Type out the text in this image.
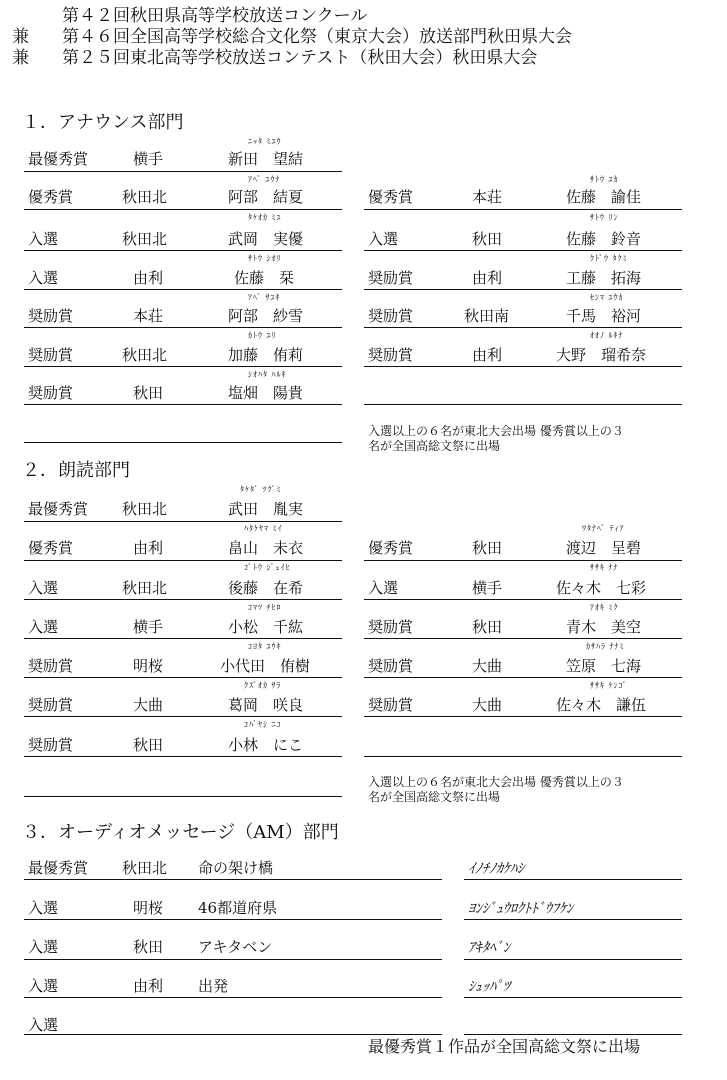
第４２回秋田県高等学校放送コンクール
兼 第４６回全国高等学校総合文化祭（東京大会）放送部門秋田県大会
兼 第２５回東北高等学校放送コンテスト（秋田大会）秋田県大会
１．アナウンス部門
２．朗読部門
３．オーディオメッセージ（AM）部門
ﾆｯﾀ ﾐﾕｳ
最優秀賞	横手	新田　望結
ｱﾍﾞ ﾕｳﾅ
優秀賞	秋田北	阿部　結夏
ﾀｹｵｶ ﾐﾕ
入選	秋田北	武岡　実優
ｻﾄｳ ｼｵﾘ
入選	由利	佐藤　栞
ｱﾍﾞ ｻﾕｷ
奨励賞	本荘	阿部　紗雪
ｶﾄｳ ﾕﾘ
奨励賞	秋田北	加藤　侑莉
ｼｵﾊﾀ ﾊﾙｷ
奨励賞	秋田	塩畑　陽貴
ｻﾄｳ ﾕｶ
優秀賞	本荘	佐藤　諭佳
ｻﾄｳ ﾘﾝ
入選	秋田	佐藤　鈴音
ｸﾄﾞｳ ﾀｸﾐ
奨励賞	由利	工藤　拓海
ｾﾝﾏ ﾕｳｶ
奨励賞	秋田南	千馬　裕河
ｵｵﾉ ﾙｷﾅ
奨励賞	由利	大野　瑠希奈
入選以上の６名が東北大会出場 優秀賞以上の３
名が全国高総文祭に出場
ﾀｹﾀﾞ ﾂｸﾞﾐ
最優秀賞 秋田北	武田　胤実
ﾊﾀｹﾔﾏ ﾐｲ
優秀賞	由利	畠山　未衣
ｺﾞﾄｳ ｼﾞｪｲﾋ
入選	秋田北	後藤　在希
ｺﾏﾂ ﾁﾋﾛ
入選	横手	小松　千紘
ｺﾖﾀ ﾕｳｷ
奨励賞	明桜	小代田　侑樹
ｸｽﾞｵｶ ｻﾗ
奨励賞	大曲	葛岡　咲良
ｺﾊﾞﾔｼ ﾆｺ
奨励賞	秋田	小林　にこ
ﾜﾀﾅﾍﾞ ﾃｨｱ
優秀賞	秋田	渡辺　呈碧
ｻｻｷ ﾅﾅ
入選	横手	佐々木　七彩
ｱｵｷ ﾐｸ
奨励賞	秋田	青木　美空
ｶｻﾊﾗ ﾅﾅﾐ
奨励賞	大曲	笠原　七海
ｻｻｷ ｹﾝｺﾞ
奨励賞	大曲	佐々木　謙伍
入選以上の６名が東北大会出場 優秀賞以上の３
名が全国高総文祭に出場
最優秀賞 秋田北 命の架け橋	ｲﾉﾁﾉｶｹﾊｼ
入選	明桜 46都道府県	ﾖﾝｼﾞｭｳﾛｸﾄﾄﾞｳﾌｹﾝ
入選	秋田 アキタベン	ｱｷﾀﾍﾞﾝ
入選	由利 出発	ｼｭｯﾊﾟﾂ
入選
最優秀賞１作品が全国高総文祭に出場
